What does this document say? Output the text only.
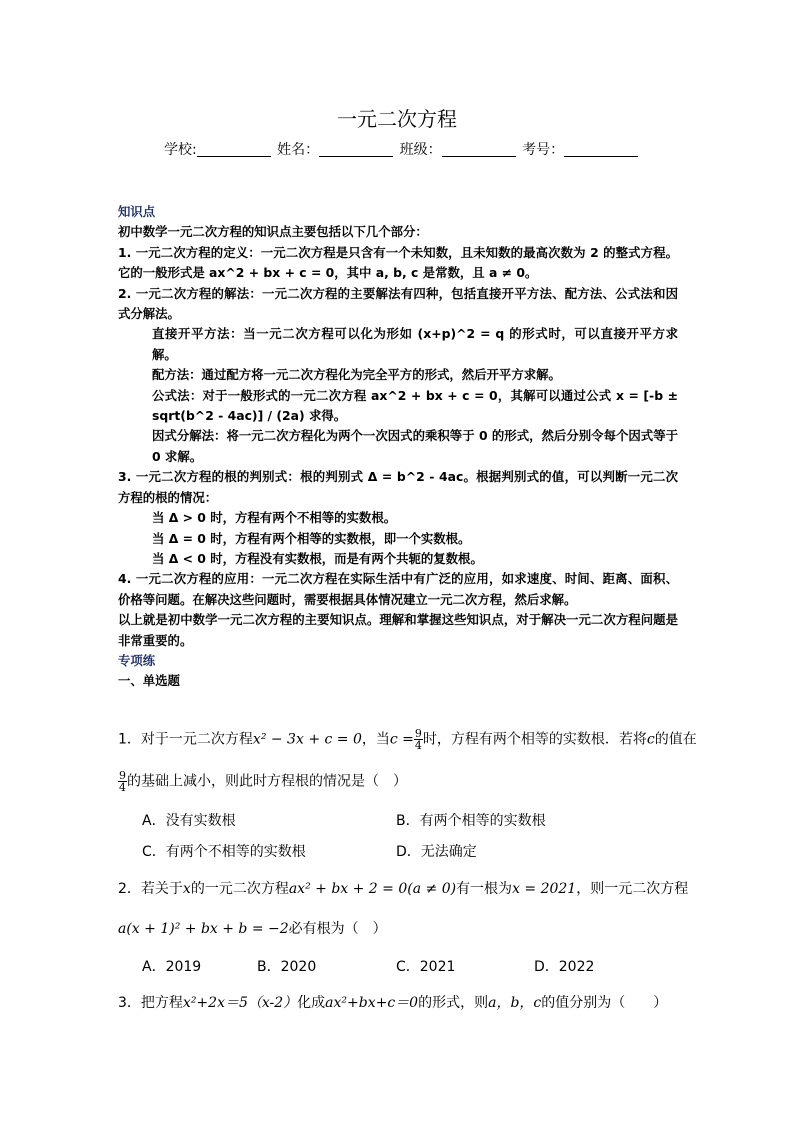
一元二次方程
学校:	姓名：	班级：	考号：

知识点

初中数学一元二次方程的知识点主要包括以下几个部分：

1. 一元二次方程的定义：一元二次方程是只含有一个未知数，且未知数的最高次数为 2 的整式方程。它的一般形式是 ax^2 + bx + c = 0，其中 a, b, c 是常数，且 a ≠ 0。

2. 一元二次方程的解法：一元二次方程的主要解法有四种，包括直接开平方法、配方法、公式法和因式分解法。

直接开平方法：当一元二次方程可以化为形如 (x+p)^2 = q 的形式时，可以直接开平方求解。

配方法：通过配方将一元二次方程化为完全平方的形式，然后开平方求解。

公式法：对于一般形式的一元二次方程 ax^2 + bx + c = 0，其解可以通过公式 x = [-b ± sqrt(b^2 - 4ac)] / (2a) 求得。

因式分解法：将一元二次方程化为两个一次因式的乘积等于 0 的形式，然后分别令每个因式等于 0 求解。

3. 一元二次方程的根的判别式：根的判别式 Δ = b^2 - 4ac。根据判别式的值，可以判断一元二次方程的根的情况：

当 Δ > 0 时，方程有两个不相等的实数根。

当 Δ = 0 时，方程有两个相等的实数根，即一个实数根。

当 Δ < 0 时，方程没有实数根，而是有两个共轭的复数根。

4. 一元二次方程的应用：一元二次方程在实际生活中有广泛的应用，如求速度、时间、距离、面积、价格等问题。在解决这些问题时，需要根据具体情况建立一元二次方程，然后求解。

以上就是初中数学一元二次方程的主要知识点。理解和掌握这些知识点，对于解决一元二次方程问题是非常重要的。

专项练

一、单选题

1．对于一元二次方程x² − 3x + c = 0，当$c = \frac{9}{4}$ 时，方程有两个相等的实数根．若将c的值在
$\frac{9}{4}$ 的基础上减小，则此时方程根的情况是（　）
A．没有实数根	B．有两个相等的实数根
C．有两个不相等的实数根	D．无法确定
2．若关于x的一元二次方程ax² + bx + 2 = 0(a ≠ 0)有一根为x = 2021，则一元二次方程
a(x + 1)² + bx + b = −2必有根为（　）
A．2019	B．2020	C．2021	D．2022
3．把方程x²+2x＝5（x-2）化成ax²+bx+c＝0的形式，则a，b，c的值分别为（　　）
